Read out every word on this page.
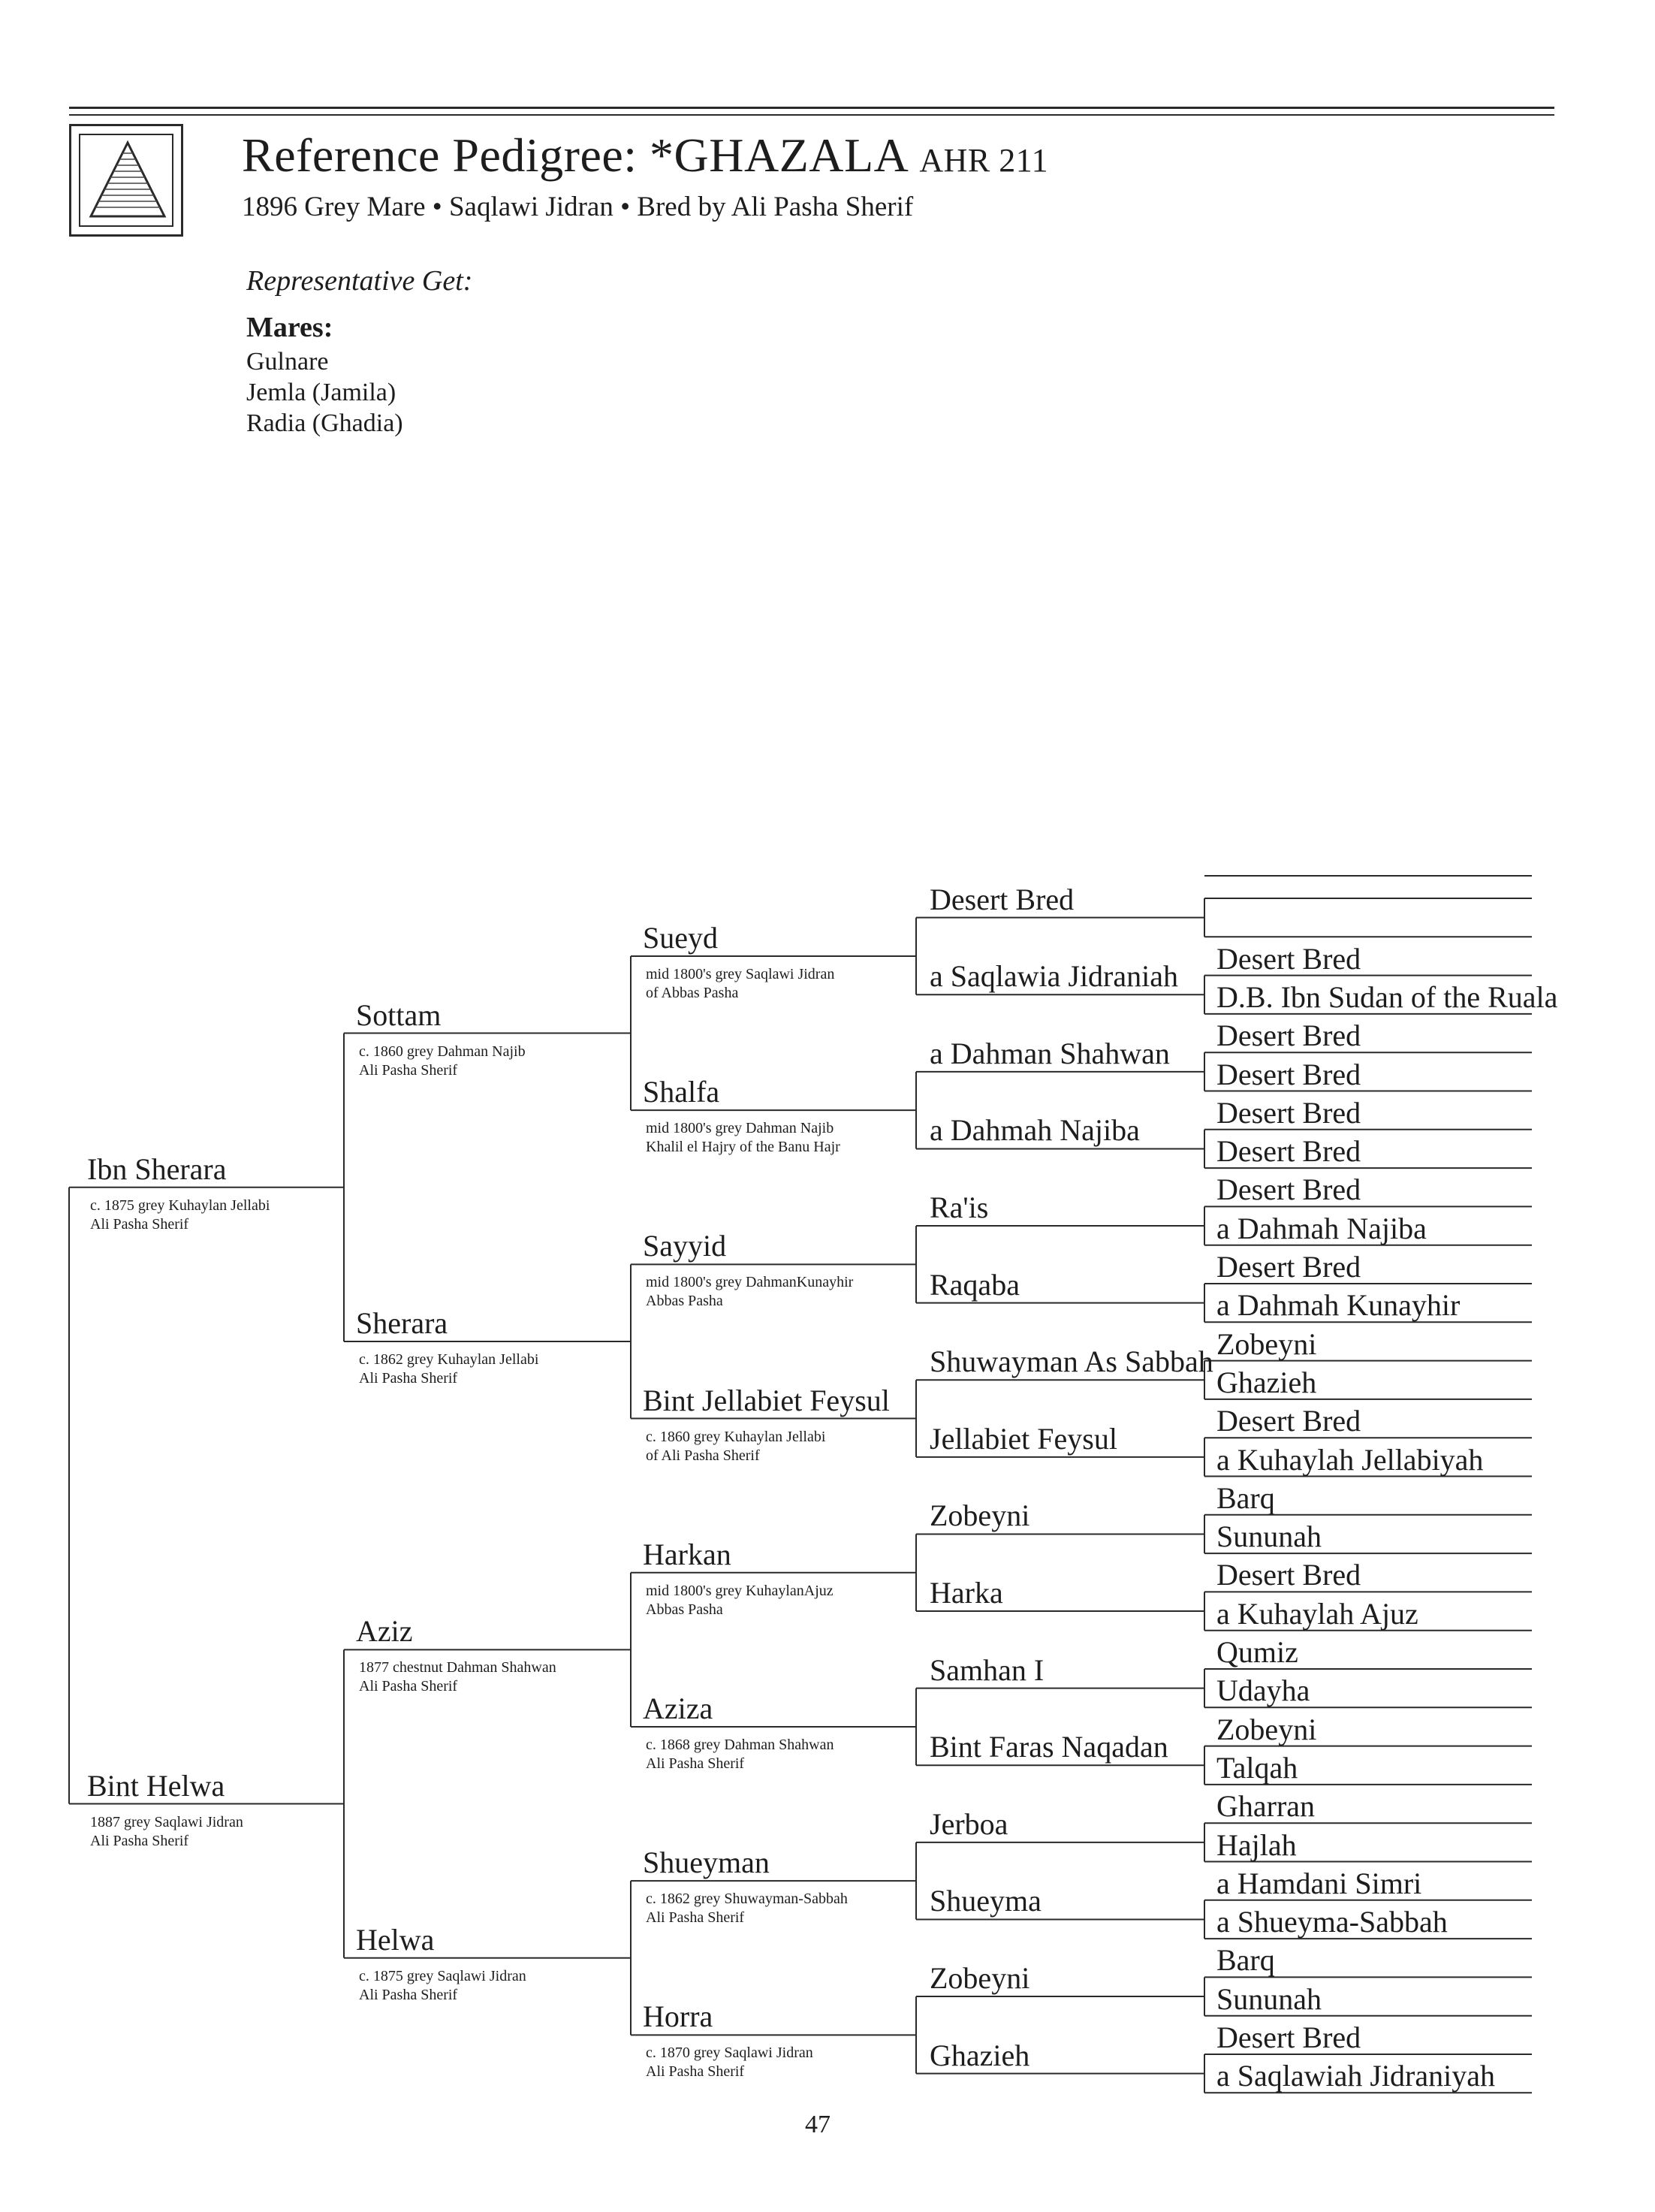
Reference Pedigree: *GHAZALA AHR 211
1896 Grey Mare • Saqlawi Jidran • Bred by Ali Pasha Sherif
Representative Get:
Mares:
Gulnare
Jemla (Jamila)
Radia (Ghadia)
Ibn Sherara
c. 1875 grey Kuhaylan Jellabi
Ali Pasha Sherif
Bint Helwa
1887 grey Saqlawi Jidran
Ali Pasha Sherif
Sottam
c. 1860 grey Dahman Najib
Ali Pasha Sherif
Sherara
c. 1862 grey Kuhaylan Jellabi
Ali Pasha Sherif
Aziz
1877 chestnut Dahman Shahwan
Ali Pasha Sherif
Helwa
c. 1875 grey Saqlawi Jidran
Ali Pasha Sherif
Sueyd
mid 1800's grey Saqlawi Jidran
of Abbas Pasha
Shalfa
mid 1800's grey Dahman Najib
Khalil el Hajry of the Banu Hajr
Sayyid
mid 1800's grey DahmanKunayhir
Abbas Pasha
Bint Jellabiet Feysul
c. 1860 grey Kuhaylan Jellabi
of Ali Pasha Sherif
Harkan
mid 1800's grey KuhaylanAjuz
Abbas Pasha
Aziza
c. 1868 grey Dahman Shahwan
Ali Pasha Sherif
Shueyman
c. 1862 grey Shuwayman-Sabbah
Ali Pasha Sherif
Horra
c. 1870 grey Saqlawi Jidran
Ali Pasha Sherif
Desert Bred
a Saqlawia Jidraniah
a Dahman Shahwan
a Dahmah Najiba
Ra'is
Raqaba
Shuwayman As Sabbah
Jellabiet Feysul
Zobeyni
Harka
Samhan I
Bint Faras Naqadan
Jerboa
Shueyma
Zobeyni
Ghazieh
Desert Bred
D.B. Ibn Sudan of the Ruala
Desert Bred
Desert Bred
Desert Bred
Desert Bred
Desert Bred
a Dahmah Najiba
Desert Bred
a Dahmah Kunayhir
Zobeyni
Ghazieh
Desert Bred
a Kuhaylah Jellabiyah
Barq
Sununah
Desert Bred
a Kuhaylah Ajuz
Qumiz
Udayha
Zobeyni
Talqah
Gharran
Hajlah
a Hamdani Simri
a Shueyma-Sabbah
Barq
Sununah
Desert Bred
a Saqlawiah Jidraniyah
47
